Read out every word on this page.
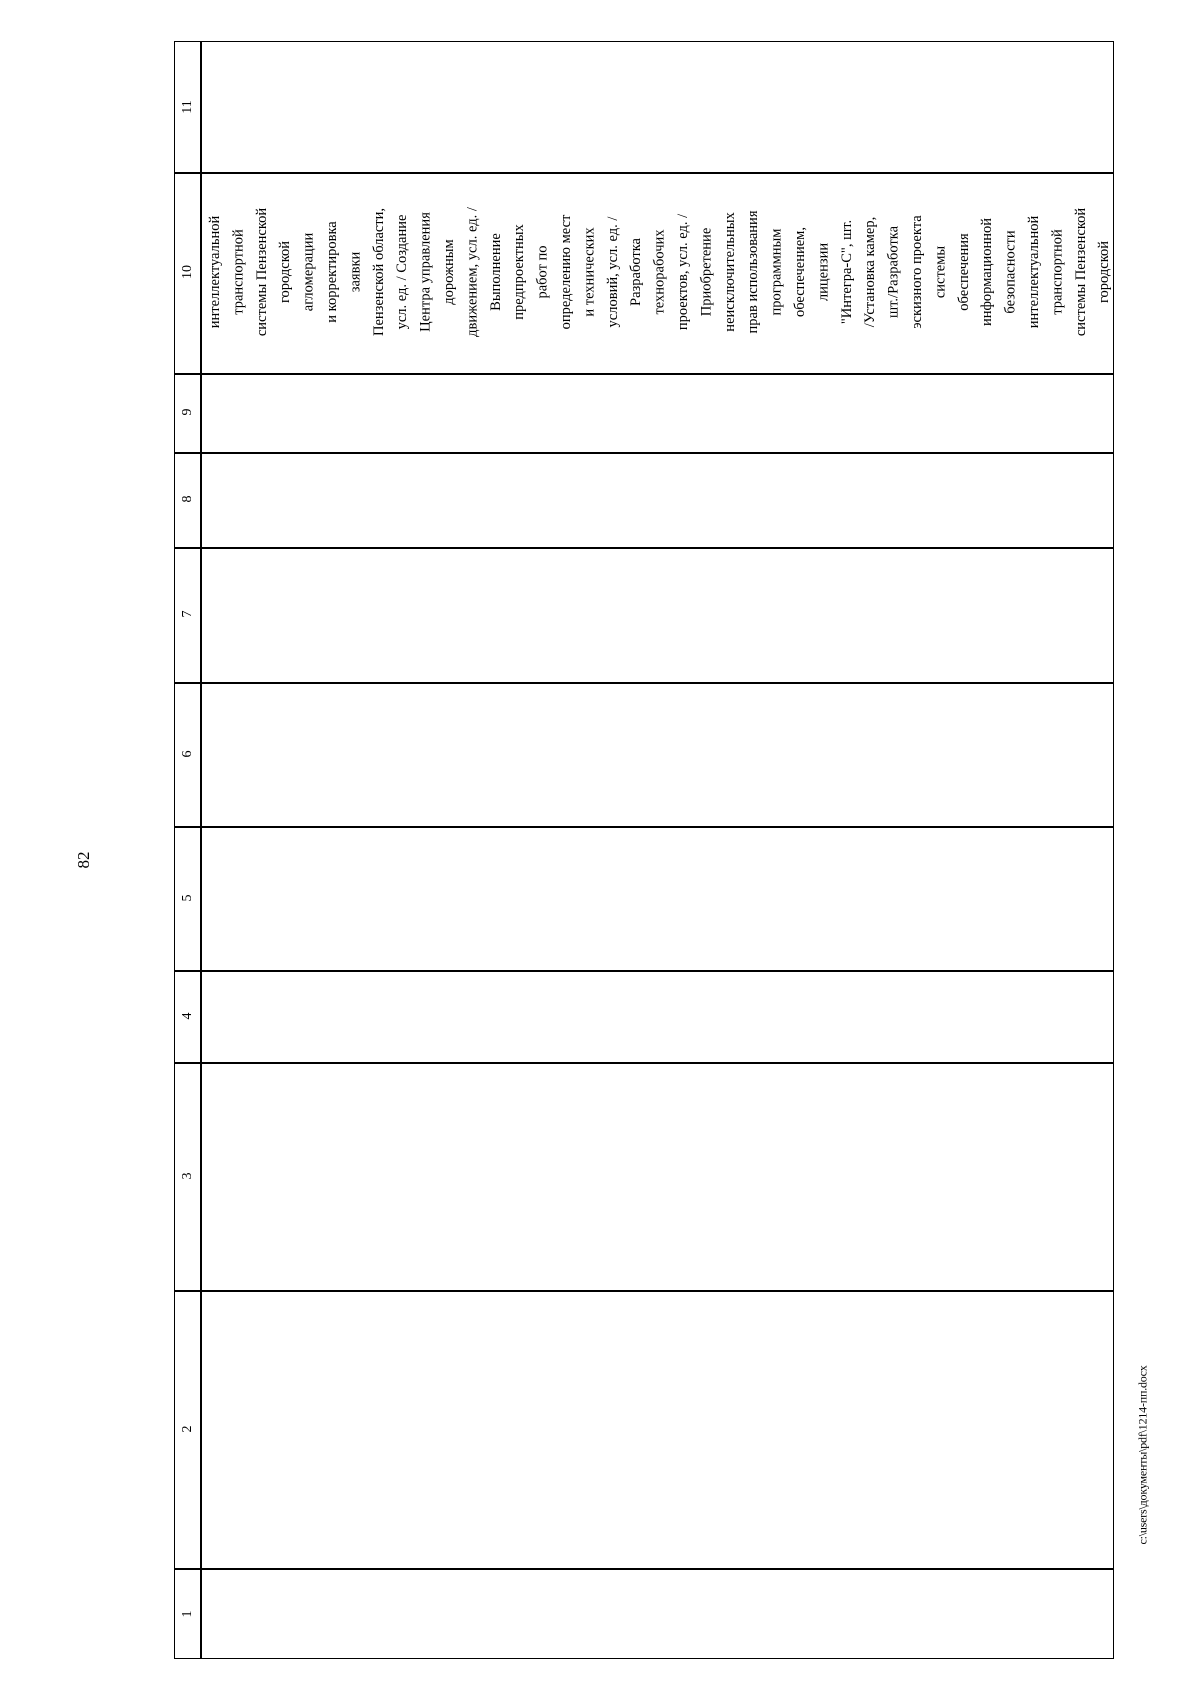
82
1
2
3
4
5
6
7
8
9
10
11
интеллектуальной транспортной системы Пензенской городской агломерации и корректировка заявки Пензенской области, усл. ед. / Создание Центра управления дорожным движением, усл. ед. / Выполнение предпроектных работ по определению мест и технических условий, усл. ед. / Разработка технорабочих проектов, усл. ед. / Приобретение неисключительных прав использования программным обеспечением, лицензии "Интегра-С", шт. /Установка камер, шт./Разработка эскизного проекта системы обеспечения информационной безопасности интеллектуальной транспортной системы Пензенской городской
c:\users\документы\pdf\1214-пп.docx
